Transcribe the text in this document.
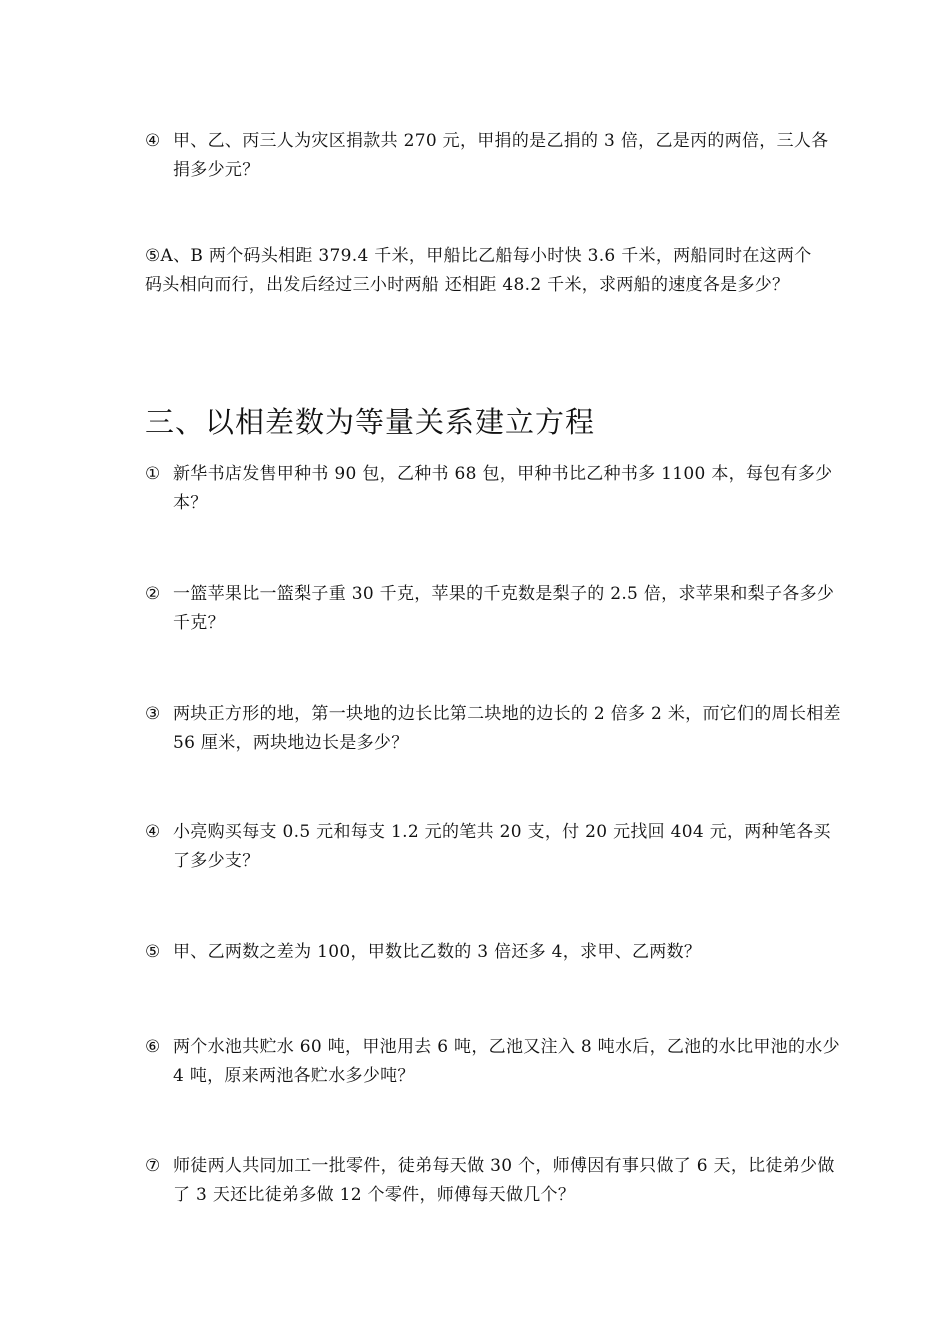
④ 甲、乙、丙三人为灾区捐款共 270 元，甲捐的是乙捐的 3 倍，乙是丙的两倍，三人各捐多少元？
⑤A、B 两个码头相距 379.4 千米，甲船比乙船每小时快 3.6 千米，两船同时在这两个码头相向而行，出发后经过三小时两船 还相距 48.2 千米，求两船的速度各是多少？
三、以相差数为等量关系建立方程
① 新华书店发售甲种书 90 包，乙种书 68 包，甲种书比乙种书多 1100 本，每包有多少本？
② 一篮苹果比一篮梨子重 30 千克，苹果的千克数是梨子的 2.5 倍，求苹果和梨子各多少千克？
③ 两块正方形的地，第一块地的边长比第二块地的边长的 2 倍多 2 米，而它们的周长相差 56 厘米，两块地边长是多少？
④ 小亮购买每支 0.5 元和每支 1.2 元的笔共 20 支，付 20 元找回 404 元，两种笔各买了多少支？
⑤ 甲、乙两数之差为 100，甲数比乙数的 3 倍还多 4，求甲、乙两数？
⑥ 两个水池共贮水 60 吨，甲池用去 6 吨，乙池又注入 8 吨水后，乙池的水比甲池的水少 4 吨，原来两池各贮水多少吨？
⑦ 师徒两人共同加工一批零件，徒弟每天做 30 个，师傅因有事只做了 6 天，比徒弟少做了 3 天还比徒弟多做 12 个零件，师傅每天做几个？
